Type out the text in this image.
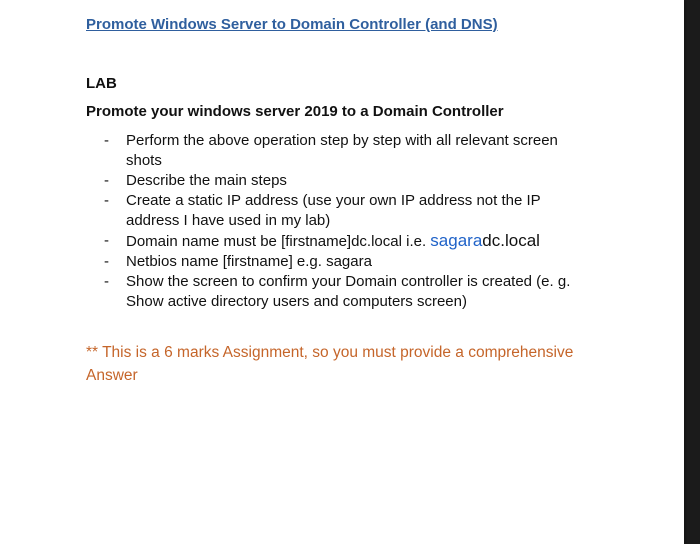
Promote Windows Server to Domain Controller (and DNS)
LAB
Promote your windows server 2019 to a Domain Controller
- Perform the above operation step by step with all relevant screen shots
- Describe the main steps
- Create a static IP address (use your own IP address not the IP address I have used in my lab)
- Domain name must be [firstname]dc.local i.e. sagaradc.local
- Netbios name [firstname] e.g. sagara
- Show the screen to confirm your Domain controller is created (e. g. Show active directory users and computers screen)
** This is a 6 marks Assignment, so you must provide a comprehensive Answer
